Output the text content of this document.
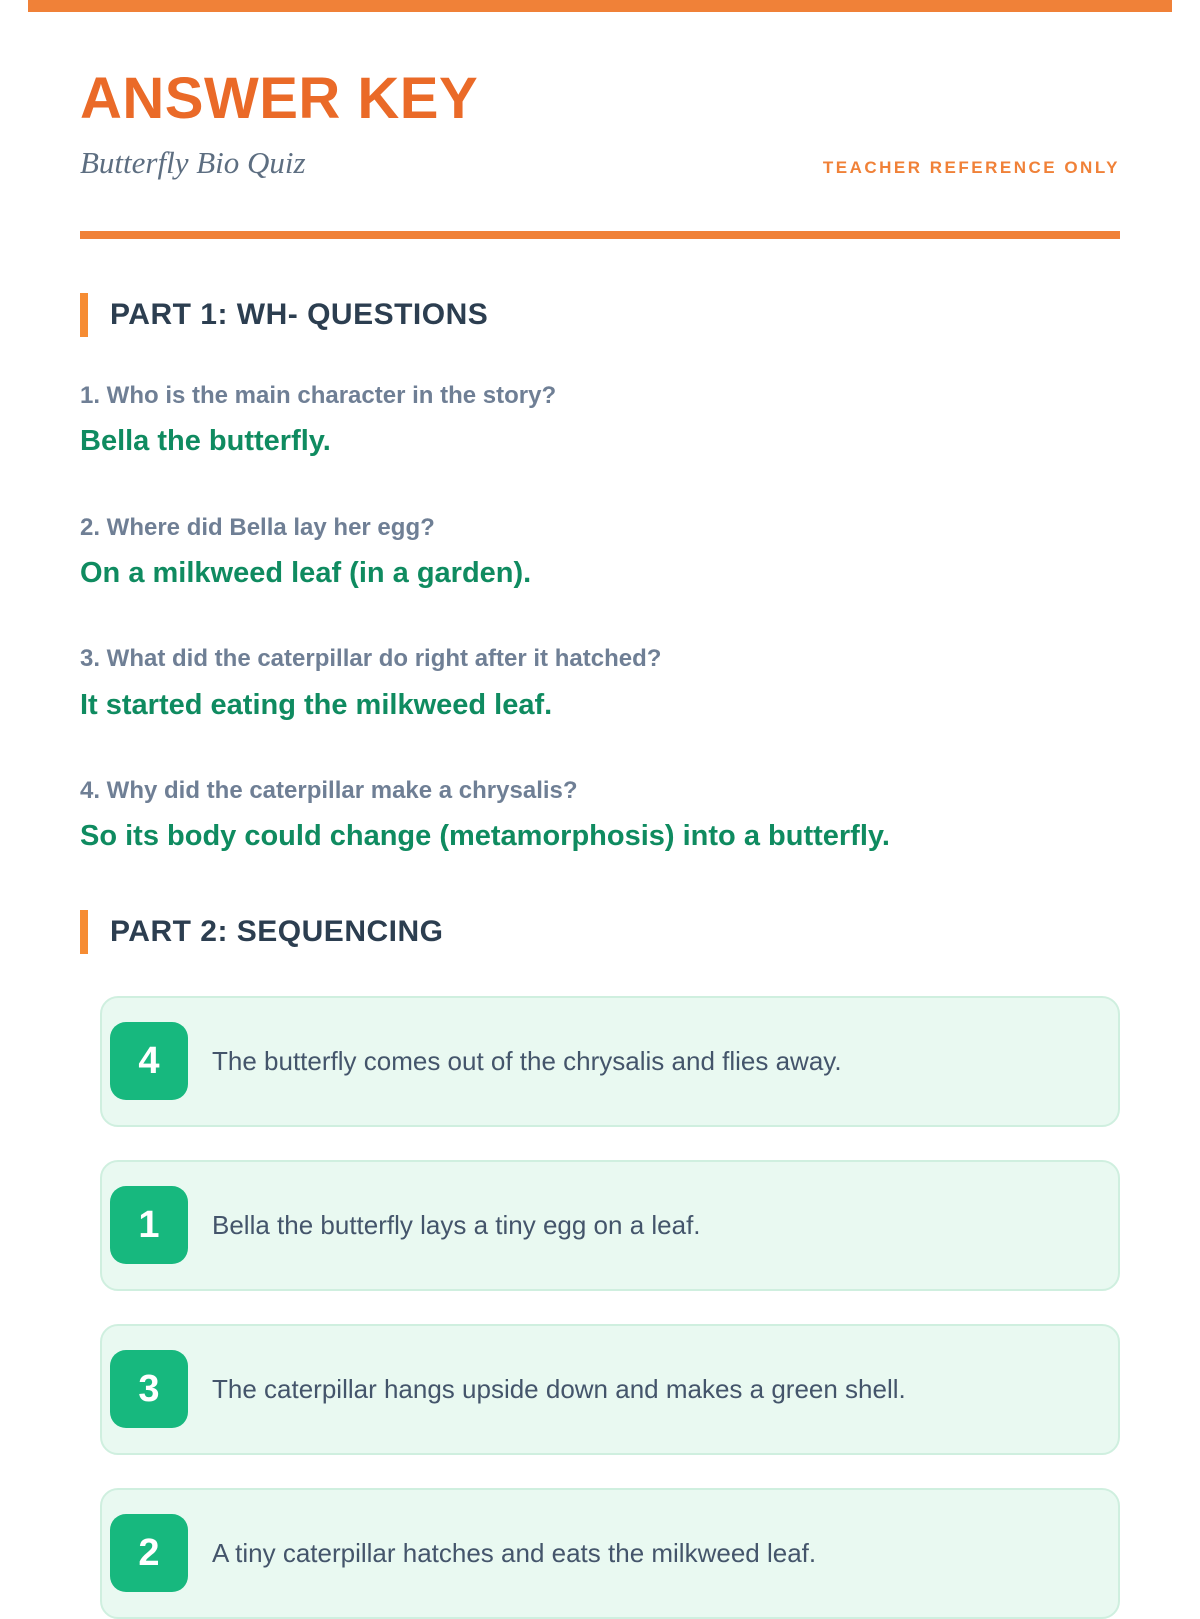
ANSWER KEY
Butterfly Bio Quiz	TEACHER REFERENCE ONLY
PART 1: WH- QUESTIONS
1. Who is the main character in the story?
Bella the butterfly.
2. Where did Bella lay her egg?
On a milkweed leaf (in a garden).
3. What did the caterpillar do right after it hatched?
It started eating the milkweed leaf.
4. Why did the caterpillar make a chrysalis?
So its body could change (metamorphosis) into a butterfly.
PART 2: SEQUENCING
4	The butterfly comes out of the chrysalis and flies away.
1	Bella the butterfly lays a tiny egg on a leaf.
3	The caterpillar hangs upside down and makes a green shell.
2	A tiny caterpillar hatches and eats the milkweed leaf.
